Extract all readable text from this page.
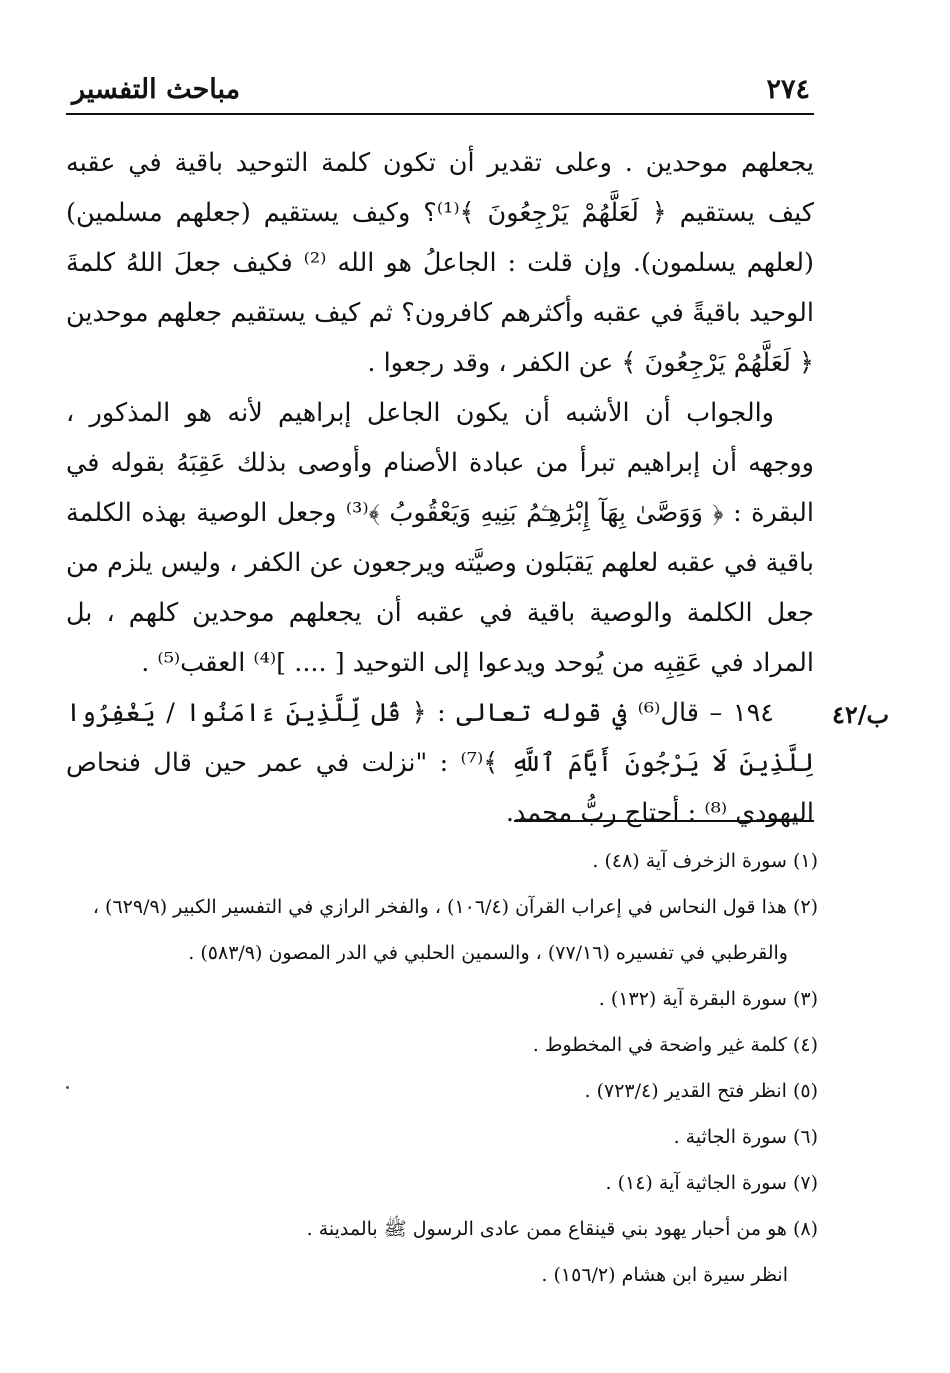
٢٧٤
مباحث التفسير

يجعلهم موحدين . وعلى تقدير أن تكون كلمة التوحيد باقية في عقبه كيف يستقيم ﴿ لَعَلَّهُمْ يَرْجِعُونَ ﴾⁽¹⁾؟ وكيف يستقيم (جعلهم مسلمين) (لعلهم يسلمون). وإن قلت : الجاعلُ هو الله ⁽²⁾ فكيف جعلَ اللهُ كلمةَ الوحيد باقيةً في عقبه وأكثرهم كافرون؟ ثم كيف يستقيم جعلهم موحدين ﴿ لَعَلَّهُمْ يَرْجِعُونَ ﴾ عن الكفر ، وقد رجعوا .

والجواب أن الأشبه أن يكون الجاعل إبراهيم لأنه هو المذكور ، ووجهه أن إبراهيم تبرأ من عبادة الأصنام وأوصى بذلك عَقِبَهُ بقوله في البقرة : ﴿ وَوَصَّىٰ بِهَآ إِبْرَٰهِـۧمُ بَنِيهِ وَيَعْقُوبُ ﴾⁽³⁾ وجعل الوصية بهذه الكلمة باقية في عقبه لعلهم يَقبَلون وصيَّته ويرجعون عن الكفر ، وليس يلزم من جعل الكلمة والوصية باقية في عقبه أن يجعلهم موحدين كلهم ، بل المراد في عَقِبِه من يُوحد ويدعوا إلى التوحيد [ .... ]⁽⁴⁾ العقب⁽⁵⁾ .

١٩٤ – قال⁽⁶⁾ في قوله تعالى : ﴿ قُل لِّلَّذِينَ ءَامَنُوا / يَغْفِرُوا لِلَّذِينَ لَا يَرْجُونَ أَيَّامَ ٱللَّهِ ﴾⁽⁷⁾ : "نزلت في عمر حين قال فنحاص اليهودي ⁽⁸⁾ : أحتاج ربُّ محمد.

ب/٤٢
(١) سورة الزخرف آية (٤٨) .
(٢) هذا قول النحاس في إعراب القرآن (١٠٦/٤) ، والفخر الرازي في التفسير الكبير (٦٢٩/٩) ،
والقرطبي في تفسيره (٧٧/١٦) ، والسمين الحلبي في الدر المصون (٥٨٣/٩) .
(٣) سورة البقرة آية (١٣٢) .
(٤) كلمة غير واضحة في المخطوط .
(٥) انظر فتح القدير (٧٢٣/٤) .
(٦) سورة الجاثية .
(٧) سورة الجاثية آية (١٤) .
(٨) هو من أحبار يهود بني قينقاع ممن عادى الرسول ﷺ بالمدينة .
انظر سيرة ابن هشام (١٥٦/٢) .
